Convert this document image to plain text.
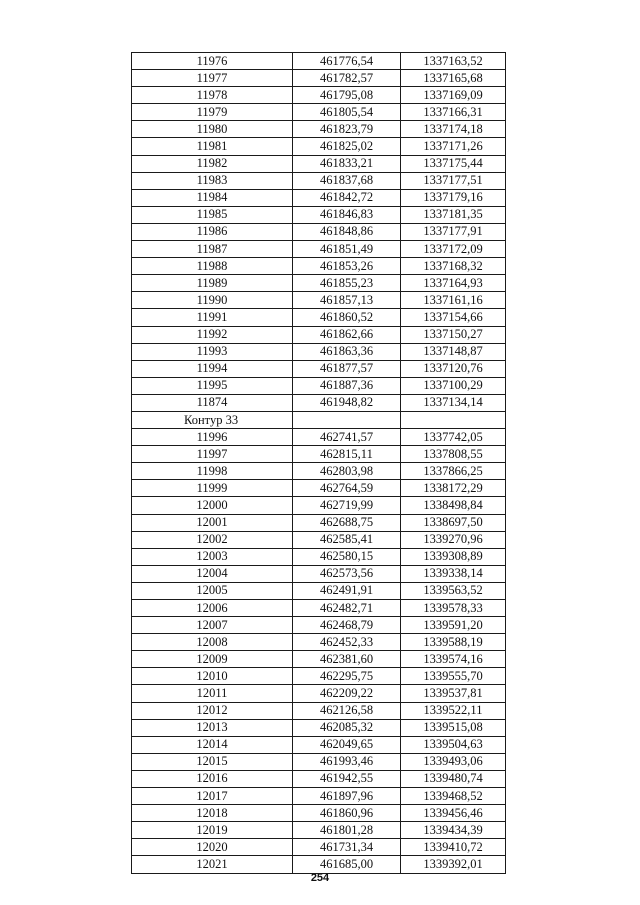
11976	461776,54	1337163,52
11977	461782,57	1337165,68
11978	461795,08	1337169,09
11979	461805,54	1337166,31
11980	461823,79	1337174,18
11981	461825,02	1337171,26
11982	461833,21	1337175,44
11983	461837,68	1337177,51
11984	461842,72	1337179,16
11985	461846,83	1337181,35
11986	461848,86	1337177,91
11987	461851,49	1337172,09
11988	461853,26	1337168,32
11989	461855,23	1337164,93
11990	461857,13	1337161,16
11991	461860,52	1337154,66
11992	461862,66	1337150,27
11993	461863,36	1337148,87
11994	461877,57	1337120,76
11995	461887,36	1337100,29
11874	461948,82	1337134,14
Контур 33		
11996	462741,57	1337742,05
11997	462815,11	1337808,55
11998	462803,98	1337866,25
11999	462764,59	1338172,29
12000	462719,99	1338498,84
12001	462688,75	1338697,50
12002	462585,41	1339270,96
12003	462580,15	1339308,89
12004	462573,56	1339338,14
12005	462491,91	1339563,52
12006	462482,71	1339578,33
12007	462468,79	1339591,20
12008	462452,33	1339588,19
12009	462381,60	1339574,16
12010	462295,75	1339555,70
12011	462209,22	1339537,81
12012	462126,58	1339522,11
12013	462085,32	1339515,08
12014	462049,65	1339504,63
12015	461993,46	1339493,06
12016	461942,55	1339480,74
12017	461897,96	1339468,52
12018	461860,96	1339456,46
12019	461801,28	1339434,39
12020	461731,34	1339410,72
12021	461685,00	1339392,01
254
